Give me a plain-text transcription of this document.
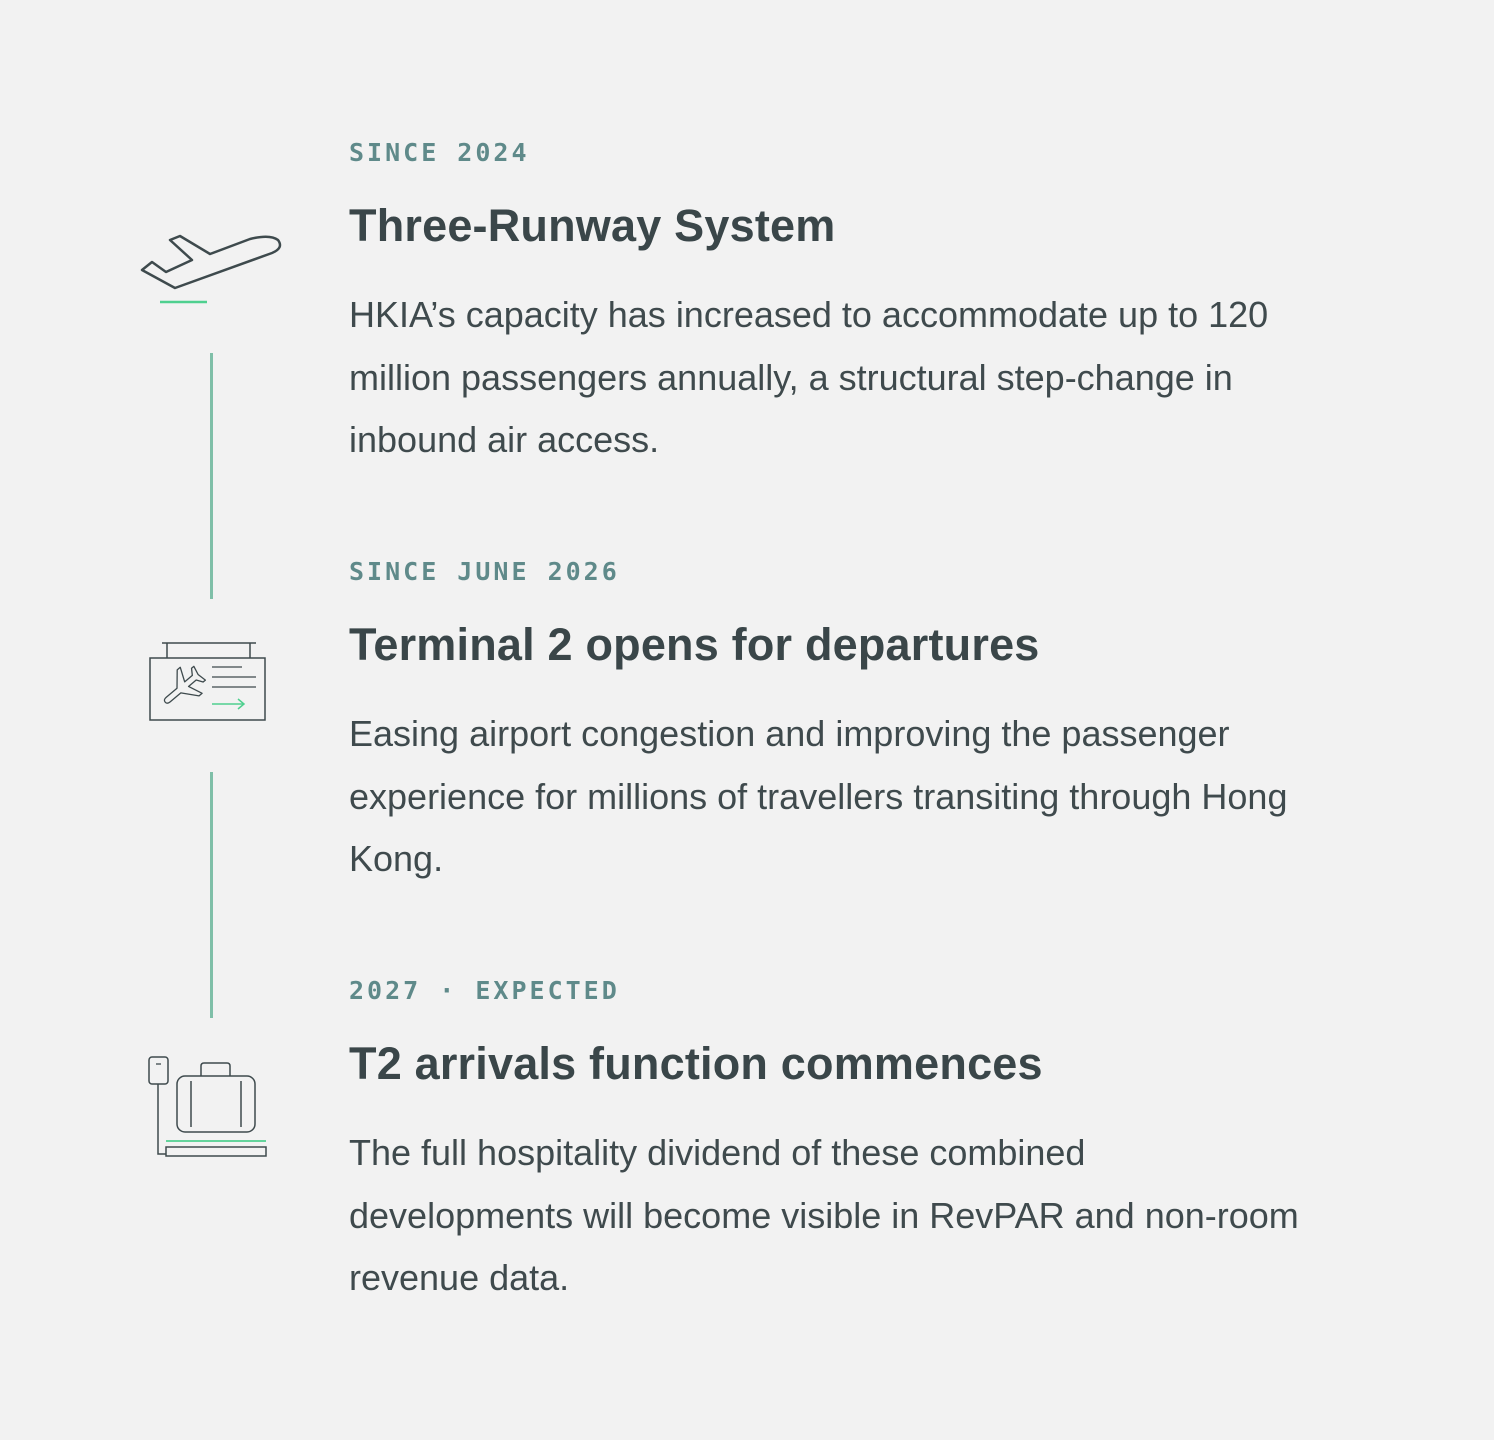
SINCE 2024

Three-Runway System

HKIA’s capacity has increased to accommodate up to 120 million passengers annually, a structural step-change in inbound air access.

SINCE JUNE 2026

Terminal 2 opens for departures

Easing airport congestion and improving the passenger experience for millions of travellers transiting through Hong Kong.

2027 · EXPECTED

T2 arrivals function commences

The full hospitality dividend of these combined developments will become visible in RevPAR and non-room revenue data.
